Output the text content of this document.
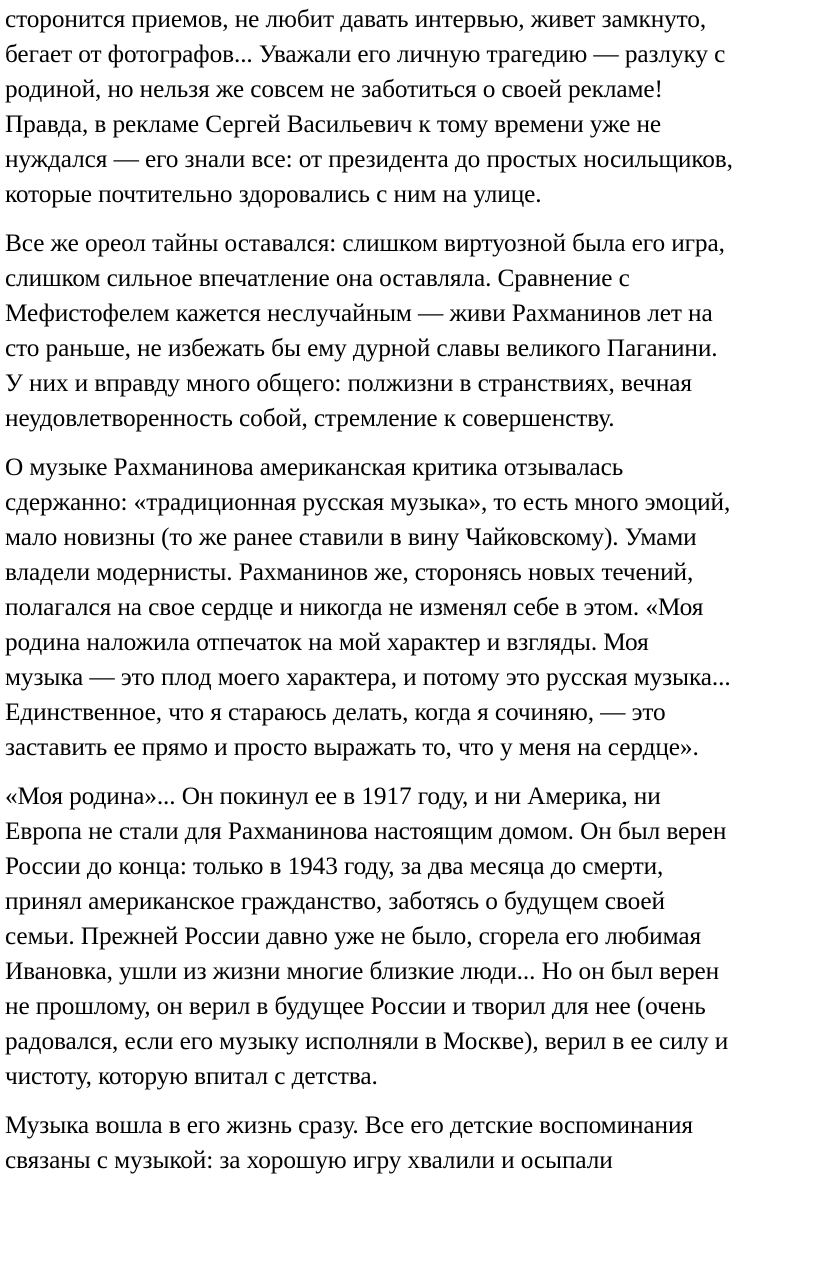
сторонится приемов, не любит давать интервью, живет замкнуто,
бегает от фотографов... Уважали его личную трагедию — разлуку с
родиной, но нельзя же совсем не заботиться о своей рекламе!
Правда, в рекламе Сергей Васильевич к тому времени уже не
нуждался — его знали все: от президента до простых носильщиков,
которые почтительно здоровались с ним на улице.

Все же ореол тайны оставался: слишком виртуозной была его игра,
слишком сильное впечатление она оставляла. Сравнение с
Мефистофелем кажется неслучайным — живи Рахманинов лет на
сто раньше, не избежать бы ему дурной славы великого Паганини.
У них и вправду много общего: полжизни в странствиях, вечная
неудовлетворенность собой, стремление к совершенству.

О музыке Рахманинова американская критика отзывалась
сдержанно: «традиционная русская музыка», то есть много эмоций,
мало новизны (то же ранее ставили в вину Чайковскому). Умами
владели модернисты. Рахманинов же, сторонясь новых течений,
полагался на свое сердце и никогда не изменял себе в этом. «Моя
родина наложила отпечаток на мой характер и взгляды. Моя
музыка — это плод моего характера, и потому это русская музыка...
Единственное, что я стараюсь делать, когда я сочиняю, — это
заставить ее прямо и просто выражать то, что у меня на сердце».

«Моя родина»... Он покинул ее в 1917 году, и ни Америка, ни
Европа не стали для Рахманинова настоящим домом. Он был верен
России до конца: только в 1943 году, за два месяца до смерти,
принял американское гражданство, заботясь о будущем своей
семьи. Прежней России давно уже не было, сгорела его любимая
Ивановка, ушли из жизни многие близкие люди... Но он был верен
не прошлому, он верил в будущее России и творил для нее (очень
радовался, если его музыку исполняли в Москве), верил в ее силу и
чистоту, которую впитал с детства.

Музыка вошла в его жизнь сразу. Все его детские воспоминания
связаны с музыкой: за хорошую игру хвалили и осыпали
